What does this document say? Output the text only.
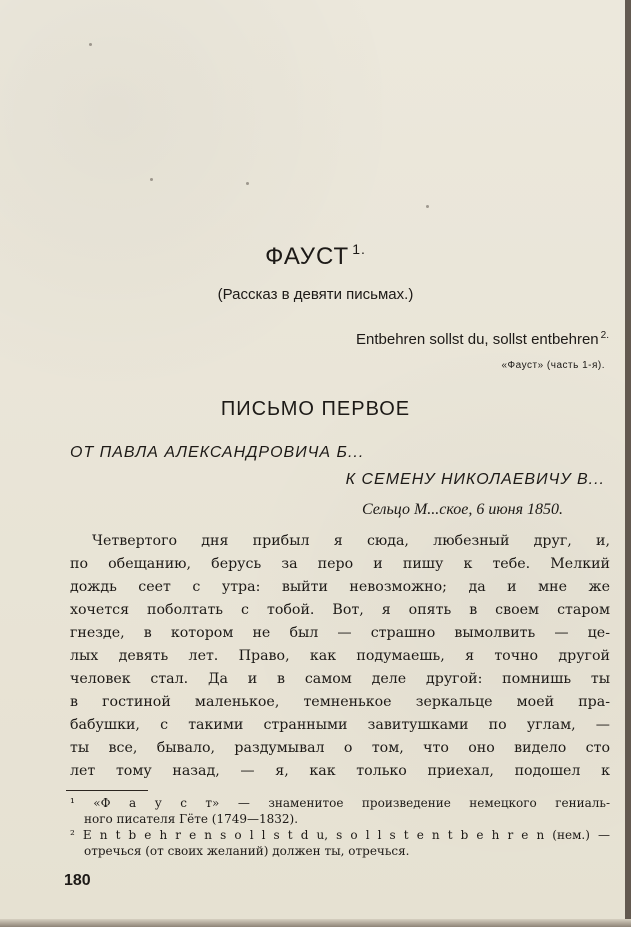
ФАУСТ $^{1.}$
(Рассказ в девяти письмах.)
Entbehren sollst du, sollst entbehren $^{2.}$
«Фауст» (часть 1-я).
ПИСЬМО ПЕРВОЕ
ОТ ПАВЛА АЛЕКСАНДРОВИЧА Б...
К СЕМЕНУ НИКОЛАЕВИЧУ В...
Сельцо М...ское, 6 июня 1850.
Четвертого дня прибыл я сюда, любезный друг, и,
по обещанию, берусь за перо и пишу к тебе. Мелкий
дождь сеет с утра: выйти невозможно; да и мне же
хочется поболтать с тобой. Вот, я опять в своем старом
гнезде, в котором не был — страшно вымолвить — це-
лых девять лет. Право, как подумаешь, я точно другой
человек стал. Да и в самом деле другой: помнишь ты
в гостиной маленькое, темненькое зеркальце моей пра-
бабушки, с такими странными завитушками по углам, —
ты все, бывало, раздумывал о том, что оно видело сто
лет тому назад, — я, как только приехал, подошел к
¹ «Ф а у с т» — знаменитое произведение немецкого гениаль-
ного писателя Гёте (1749—1832).
² E n t b e h r e n s o l l s t d u, s o l l s t e n t b e h r e n (нем.) —
отречься (от своих желаний) должен ты, отречься.
180
